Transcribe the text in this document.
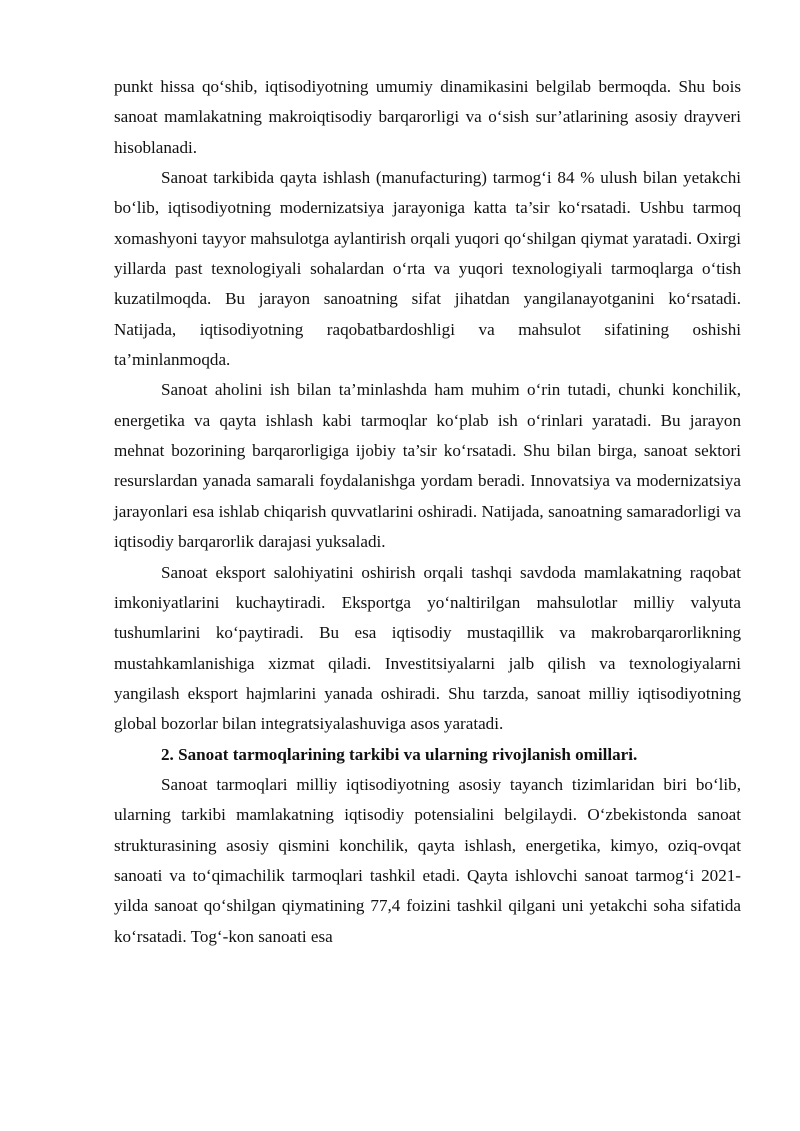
punkt hissa qo‘shib, iqtisodiyotning umumiy dinamikasini belgilab bermoqda. Shu bois sanoat mamlakatning makroiqtisodiy barqarorligi va o‘sish sur’atlarining asosiy drayveri hisoblanadi.

Sanoat tarkibida qayta ishlash (manufacturing) tarmog‘i 84 % ulush bilan yetakchi bo‘lib, iqtisodiyotning modernizatsiya jarayoniga katta ta’sir ko‘rsatadi. Ushbu tarmoq xomashyoni tayyor mahsulotga aylantirish orqali yuqori qo‘shilgan qiymat yaratadi. Oxirgi yillarda past texnologiyali sohalardan o‘rta va yuqori texnologiyali tarmoqlarga o‘tish kuzatilmoqda. Bu jarayon sanoatning sifat jihatdan yangilanayotganini ko‘rsatadi. Natijada, iqtisodiyotning raqobatbardoshligi va mahsulot sifatining oshishi ta’minlanmoqda.

Sanoat aholini ish bilan ta’minlashda ham muhim o‘rin tutadi, chunki konchilik, energetika va qayta ishlash kabi tarmoqlar ko‘plab ish o‘rinlari yaratadi. Bu jarayon mehnat bozorining barqarorligiga ijobiy ta’sir ko‘rsatadi. Shu bilan birga, sanoat sektori resurslardan yanada samarali foydalanishga yordam beradi. Innovatsiya va modernizatsiya jarayonlari esa ishlab chiqarish quvvatlarini oshiradi. Natijada, sanoatning samaradorligi va iqtisodiy barqarorlik darajasi yuksaladi.

Sanoat eksport salohiyatini oshirish orqali tashqi savdoda mamlakatning raqobat imkoniyatlarini kuchaytiradi. Eksportga yo‘naltirilgan mahsulotlar milliy valyuta tushumlarini ko‘paytiradi. Bu esa iqtisodiy mustaqillik va makrobarqarorlikning mustahkamlanishiga xizmat qiladi. Investitsiyalarni jalb qilish va texnologiyalarni yangilash eksport hajmlarini yanada oshiradi. Shu tarzda, sanoat milliy iqtisodiyotning global bozorlar bilan integratsiyalashuviga asos yaratadi.

2. Sanoat tarmoqlarining tarkibi va ularning rivojlanish omillari.

Sanoat tarmoqlari milliy iqtisodiyotning asosiy tayanch tizimlaridan biri bo‘lib, ularning tarkibi mamlakatning iqtisodiy potensialini belgilaydi. O‘zbekistonda sanoat strukturasining asosiy qismini konchilik, qayta ishlash, energetika, kimyo, oziq-ovqat sanoati va to‘qimachilik tarmoqlari tashkil etadi. Qayta ishlovchi sanoat tarmog‘i 2021-yilda sanoat qo‘shilgan qiymatining 77,4 foizini tashkil qilgani uni yetakchi soha sifatida ko‘rsatadi. Tog‘-kon sanoati esa
